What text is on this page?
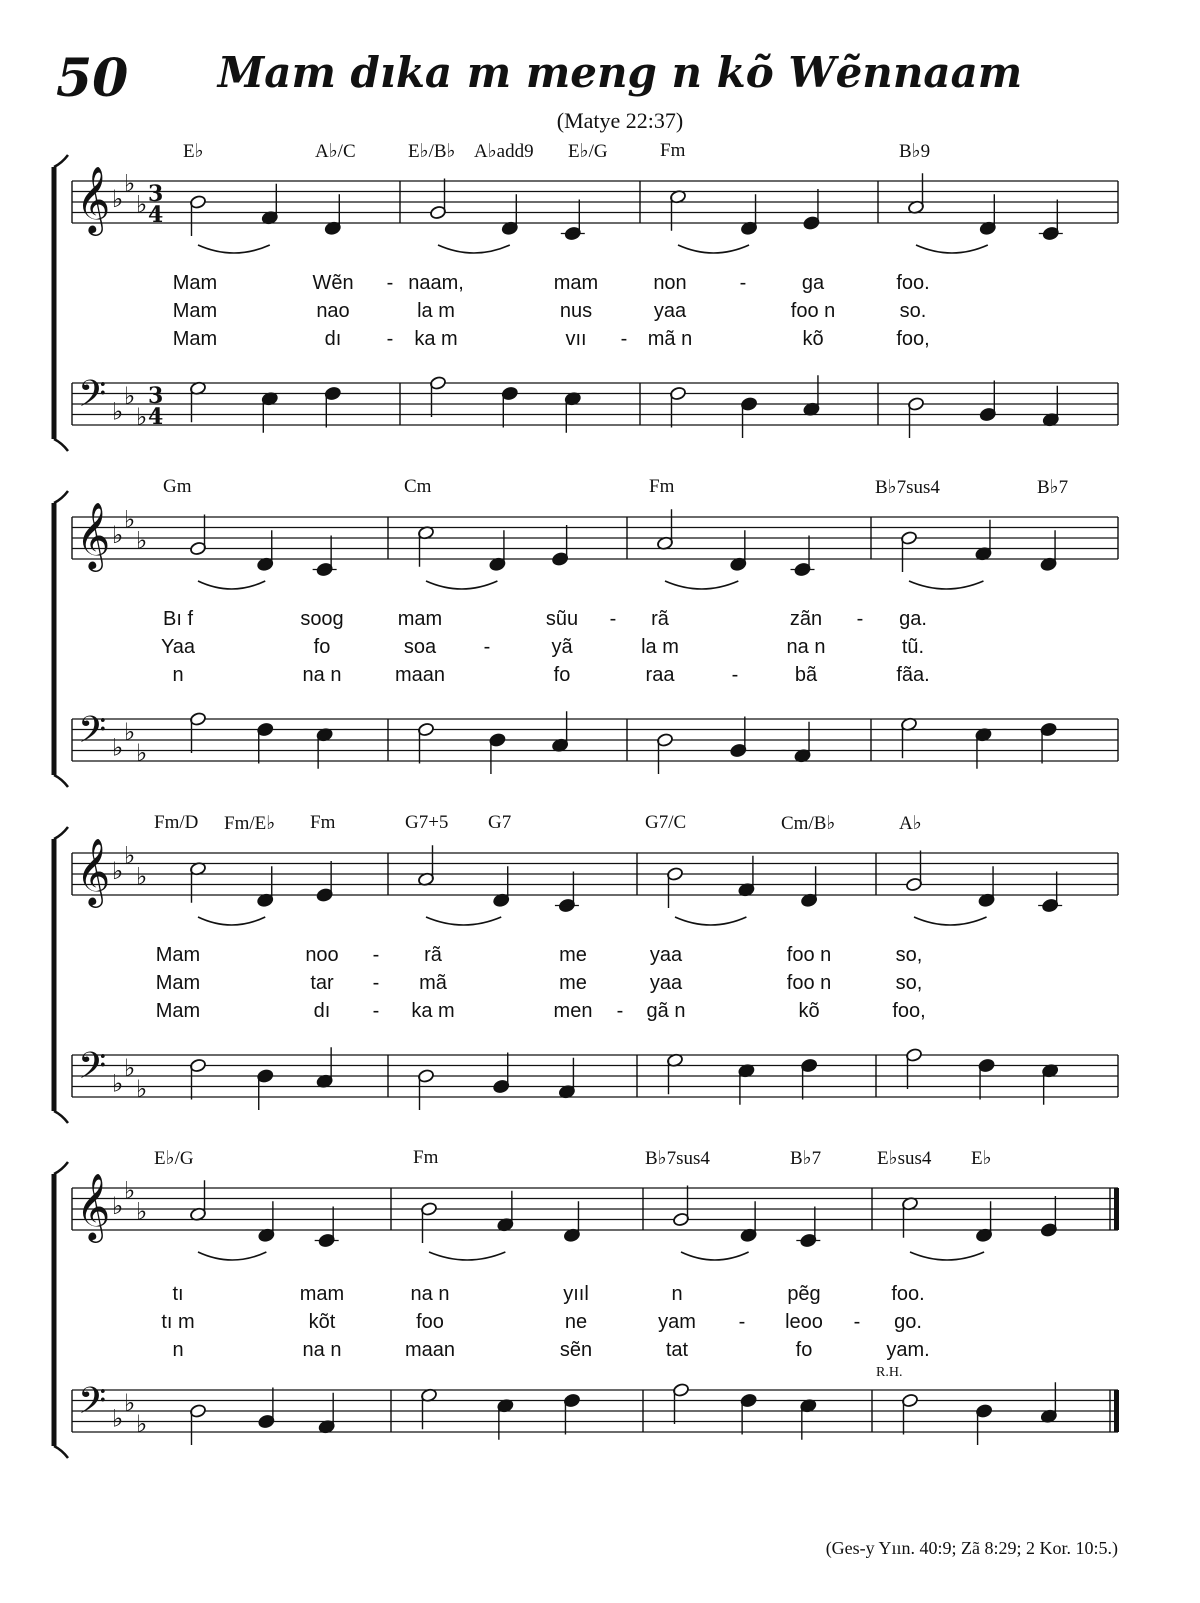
50	Mam dıka m meng n kõ Wẽnnaam
(Matye 22:37)
𝄞
𝄢
♭
♭
♭
♭
♭
♭
3
4
3
4
E♭	A♭/C	E♭/B♭ A♭add9 E♭/G	Fm	B♭9
Mam	Wẽn - naam,	mam	non	-	ga	foo.
Mam	nao	la m	nus	yaa	foo n	so.
Mam	dı - ka m	vıı - mã n	kõ	foo,
𝄞
𝄢
♭
♭
♭
♭
♭
♭
Gm	Cm	Fm	B♭7sus4	B♭7
Bı f	soog	mam	sũu - rã	zãn - ga.
Yaa	fo	soa -	yã	la m	na n	tũ.
n	na n	maan	fo	raa	-	bã	fãa.
𝄞
𝄢
♭
♭
♭
♭
♭
♭
Fm/D Fm/E♭ Fm	G7+5 G7	G7/C	Cm/B♭	A♭
Mam	noo - rã	me	yaa	foo n	so,
Mam	tar - mã	me	yaa	foo n	so,
Mam	dı - ka m	men - gã n	kõ	foo,
𝄞
𝄢
♭
♭
♭
♭
♭
♭
E♭/G	Fm	B♭7sus4	B♭7	E♭sus4 E♭
R.H.
tı	mam	na n	yııl	n	pẽg	foo.
tı m	kõt	foo	ne	yam - leoo - go.
n	na n	maan	sẽn	tat	fo	yam.
(Ges-y Yıın. 40:9; Zã 8:29; 2 Kor. 10:5.)
